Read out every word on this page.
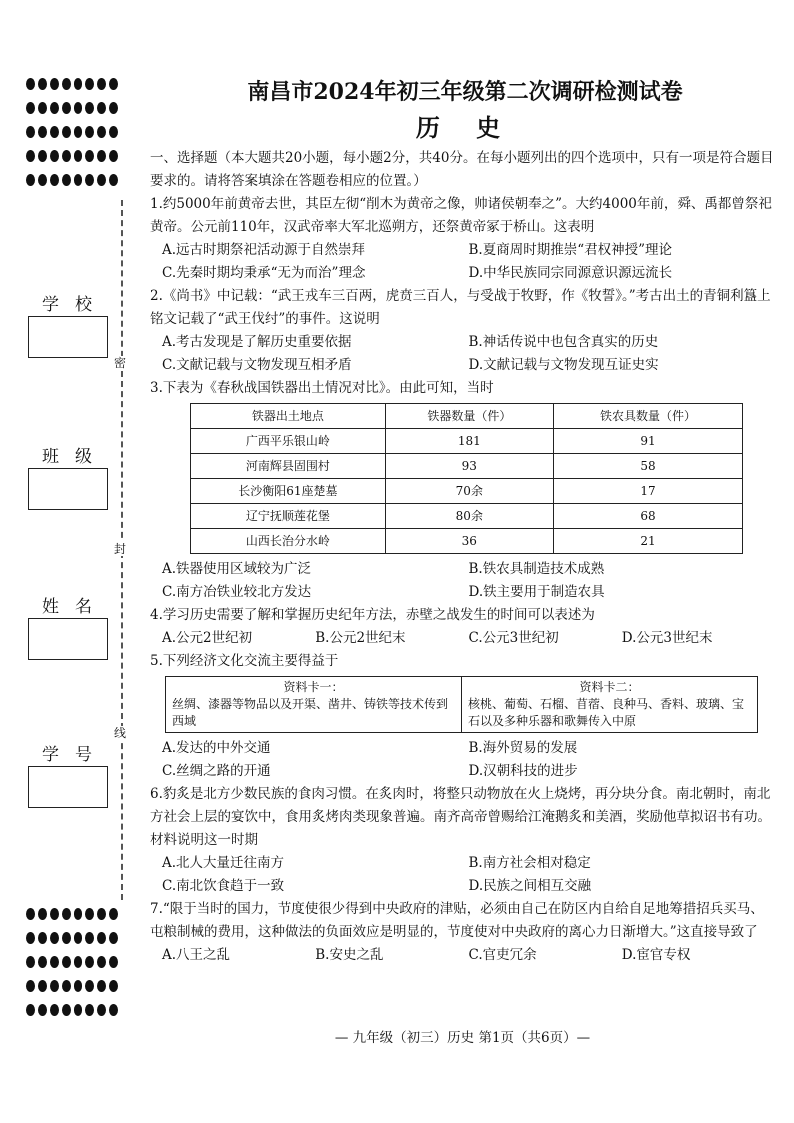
密
封
线
学校
班级
姓名
学号
南昌市2024年初三年级第二次调研检测试卷
历 史

一、选择题（本大题共20小题，每小题2分，共40分。在每小题列出的四个选项中，只有一项是符合题目要求的。请将答案填涂在答题卷相应的位置。）

1.约5000年前黄帝去世，其臣左彻“削木为黄帝之像，帅诸侯朝奉之”。大约4000年前，舜、禹都曾祭祀黄帝。公元前110年，汉武帝率大军北巡朔方，还祭黄帝冢于桥山。这表明

A.远古时期祭祀活动源于自然崇拜	B.夏商周时期推崇“君权神授”理论

C.先秦时期均秉承“无为而治”理念	D.中华民族同宗同源意识源远流长

2.《尚书》中记载：“武王戎车三百两，虎贲三百人，与受战于牧野，作《牧誓》。”考古出土的青铜利簋上铭文记载了“武王伐纣”的事件。这说明

A.考古发现是了解历史重要依据	B.神话传说中也包含真实的历史

C.文献记载与文物发现互相矛盾	D.文献记载与文物发现互证史实

3.下表为《春秋战国铁器出土情况对比》。由此可知，当时

铁器出土地点	铁器数量（件）	铁农具数量（件）
广西平乐银山岭	181	91
河南辉县固围村	93	58
长沙衡阳61座楚墓	70余	17
辽宁抚顺莲花堡	80余	68
山西长治分水岭	36	21

A.铁器使用区域较为广泛	B.铁农具制造技术成熟

C.南方冶铁业较北方发达	D.铁主要用于制造农具

4.学习历史需要了解和掌握历史纪年方法，赤壁之战发生的时间可以表述为

A.公元2世纪初	B.公元2世纪末	C.公元3世纪初	D.公元3世纪末

5.下列经济文化交流主要得益于

资料卡一：
丝绸、漆器等物品以及开渠、凿井、铸铁等技术传到西域

资料卡二：
核桃、葡萄、石榴、苜蓿、良种马、香料、玻璃、宝石以及多种乐器和歌舞传入中原

A.发达的中外交通	B.海外贸易的发展

C.丝绸之路的开通	D.汉朝科技的进步

6.豹炙是北方少数民族的食肉习惯。在炙肉时，将整只动物放在火上烧烤，再分块分食。南北朝时，南北方社会上层的宴饮中，食用炙烤肉类现象普遍。南齐高帝曾赐给江淹鹅炙和美酒，奖励他草拟诏书有功。材料说明这一时期

A.北人大量迁往南方	B.南方社会相对稳定

C.南北饮食趋于一致	D.民族之间相互交融

7.“限于当时的国力，节度使很少得到中央政府的津贴，必须由自己在防区内自给自足地筹措招兵买马、屯粮制械的费用，这种做法的负面效应是明显的，节度使对中央政府的离心力日渐增大。”这直接导致了

A.八王之乱	B.安史之乱	C.官吏冗余	D.宦官专权

— 九年级（初三）历史 第1页（共6页）—
